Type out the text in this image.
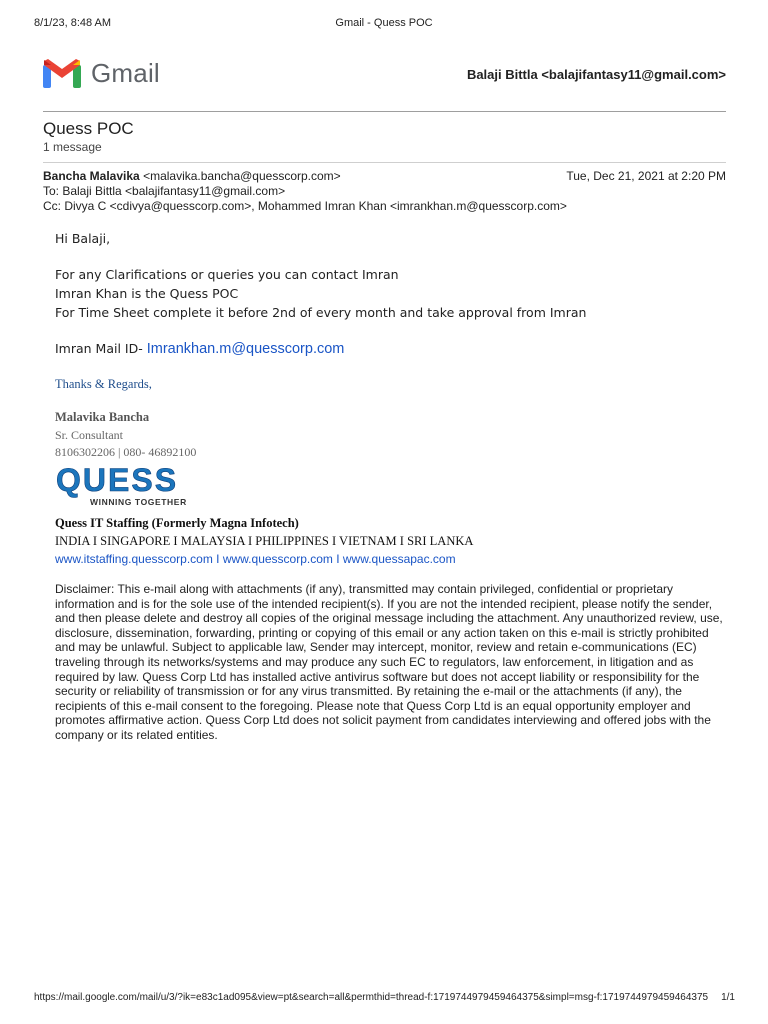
8/1/23, 8:48 AM	Gmail - Quess POC
Gmail	Balaji Bittla <balajifantasy11@gmail.com>
Quess POC
1 message
Bancha Malavika <malavika.bancha@quesscorp.com>	Tue, Dec 21, 2021 at 2:20 PM
To: Balaji Bittla <balajifantasy11@gmail.com>
Cc: Divya C <cdivya@quesscorp.com>, Mohammed Imran Khan <imrankhan.m@quesscorp.com>
Hi Balaji,
For any Clarifications or queries you can contact Imran
Imran Khan is the Quess POC
For Time Sheet complete it before 2nd of every month and take approval from Imran
Imran Mail ID- Imrankhan.m@quesscorp.com
Thanks & Regards,
Malavika Bancha
Sr. Consultant
8106302206 | 080- 46892100
QUESS
WINNING TOGETHER
Quess IT Staffing (Formerly Magna Infotech)
INDIA I SINGAPORE I MALAYSIA I PHILIPPINES I VIETNAM I SRI LANKA
www.itstaffing.quesscorp.com I www.quesscorp.com I www.quessapac.com
Disclaimer: This e-mail along with attachments (if any), transmitted may contain privileged, confidential or proprietary information and is for the sole use of the intended recipient(s). If you are not the intended recipient, please notify the sender, and then please delete and destroy all copies of the original message including the attachment. Any unauthorized review, use, disclosure, dissemination, forwarding, printing or copying of this email or any action taken on this e-mail is strictly prohibited and may be unlawful. Subject to applicable law, Sender may intercept, monitor, review and retain e-communications (EC) traveling through its networks/systems and may produce any such EC to regulators, law enforcement, in litigation and as required by law. Quess Corp Ltd has installed active antivirus software but does not accept liability or responsibility for the security or reliability of transmission or for any virus transmitted. By retaining the e-mail or the attachments (if any), the recipients of this e-mail consent to the foregoing. Please note that Quess Corp Ltd is an equal opportunity employer and promotes affirmative action. Quess Corp Ltd does not solicit payment from candidates interviewing and offered jobs with the company or its related entities.
https://mail.google.com/mail/u/3/?ik=e83c1ad095&view=pt&search=all&permthid=thread-f:1719744979459464375&simpl=msg-f:1719744979459464375 1/1
